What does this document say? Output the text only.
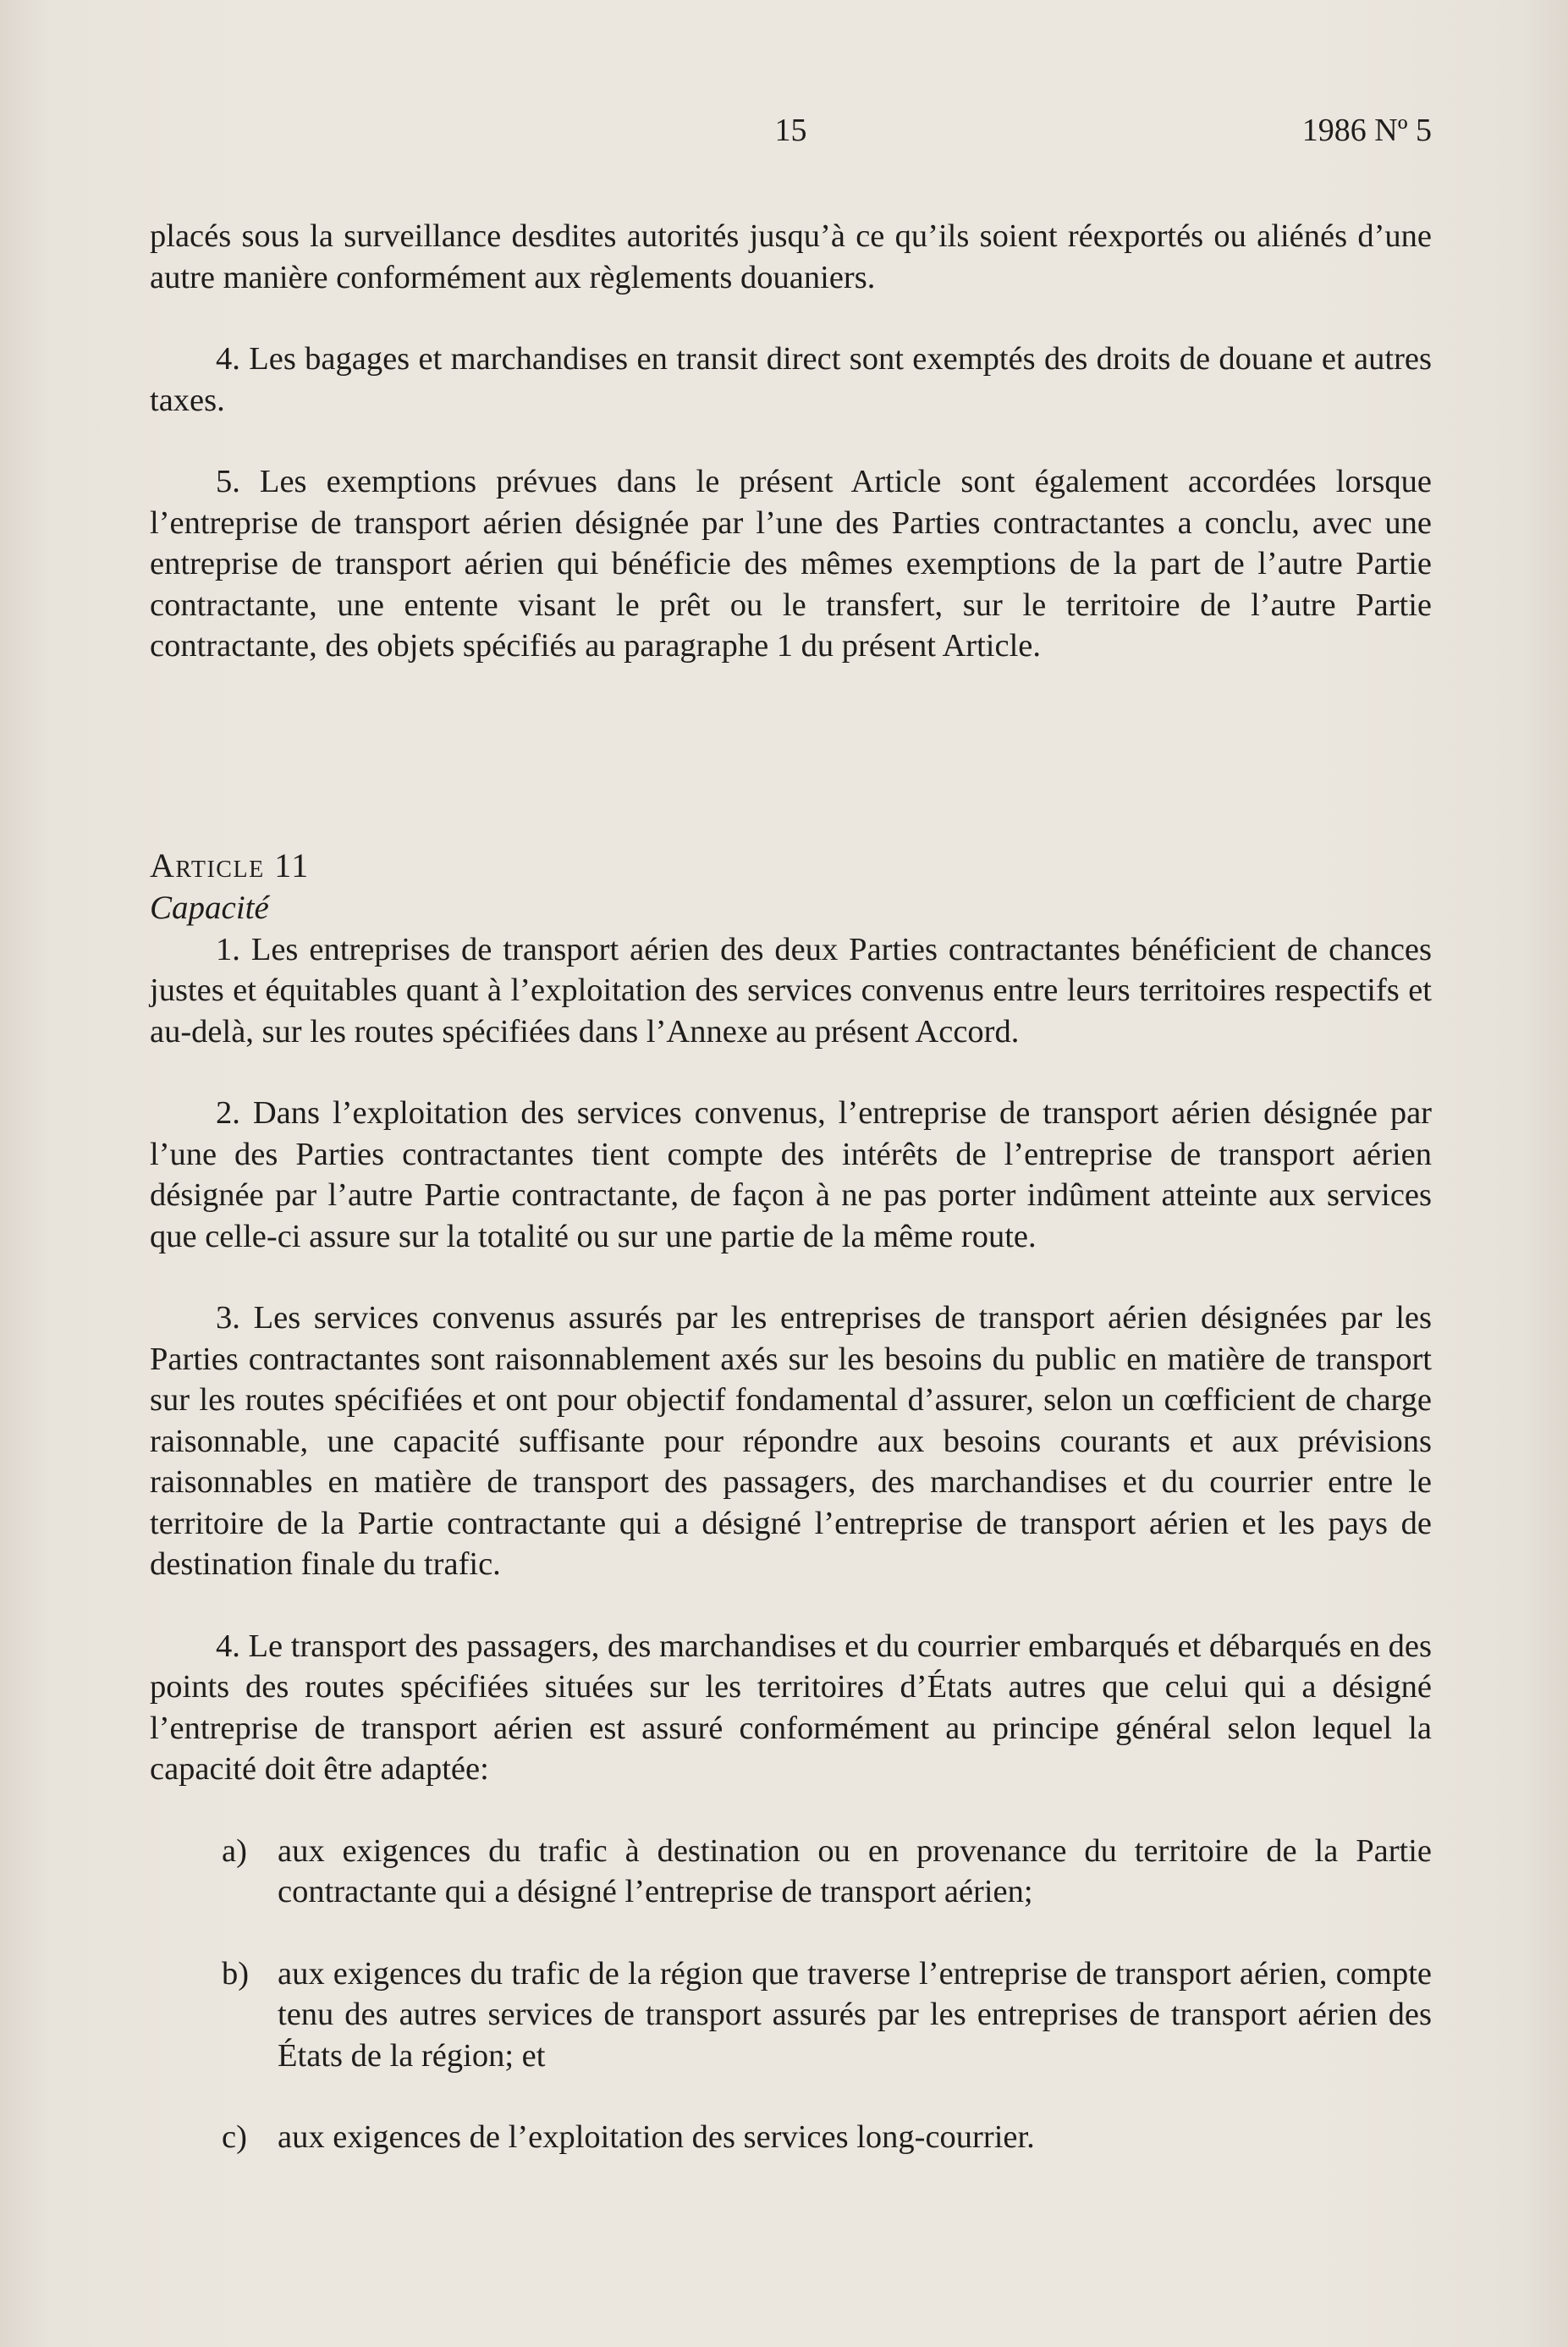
15	1986 Nº 5

placés sous la surveillance desdites autorités jusqu’à ce qu’ils soient réexportés ou aliénés d’une autre manière conformément aux règlements douaniers.

4. Les bagages et marchandises en transit direct sont exemptés des droits de douane et autres taxes.

5. Les exemptions prévues dans le présent Article sont également accordées lorsque l’entreprise de transport aérien désignée par l’une des Parties contractantes a conclu, avec une entreprise de transport aérien qui bénéficie des mêmes exemptions de la part de l’autre Partie contractante, une entente visant le prêt ou le transfert, sur le territoire de l’autre Partie contractante, des objets spécifiés au paragraphe 1 du présent Article.

Article 11

Capacité

1. Les entreprises de transport aérien des deux Parties contractantes bénéficient de chances justes et équitables quant à l’exploitation des services convenus entre leurs territoires respectifs et au-delà, sur les routes spécifiées dans l’Annexe au présent Accord.

2. Dans l’exploitation des services convenus, l’entreprise de transport aérien désignée par l’une des Parties contractantes tient compte des intérêts de l’entreprise de transport aérien désignée par l’autre Partie contractante, de façon à ne pas porter indûment atteinte aux services que celle-ci assure sur la totalité ou sur une partie de la même route.

3. Les services convenus assurés par les entreprises de transport aérien désignées par les Parties contractantes sont raisonnablement axés sur les besoins du public en matière de transport sur les routes spécifiées et ont pour objectif fondamental d’assurer, selon un cœfficient de charge raisonnable, une capacité suffisante pour répondre aux besoins courants et aux prévisions raisonnables en matière de transport des passagers, des marchandises et du courrier entre le territoire de la Partie contractante qui a désigné l’entreprise de transport aérien et les pays de destination finale du trafic.

4. Le transport des passagers, des marchandises et du courrier embarqués et débarqués en des points des routes spécifiées situées sur les territoires d’États autres que celui qui a désigné l’entreprise de transport aérien est assuré conformément au principe général selon lequel la capacité doit être adaptée:

a) aux exigences du trafic à destination ou en provenance du territoire de la Partie contractante qui a désigné l’entreprise de transport aérien;
b) aux exigences du trafic de la région que traverse l’entreprise de transport aérien, compte tenu des autres services de transport assurés par les entreprises de transport aérien des États de la région; et
c) aux exigences de l’exploitation des services long-courrier.
